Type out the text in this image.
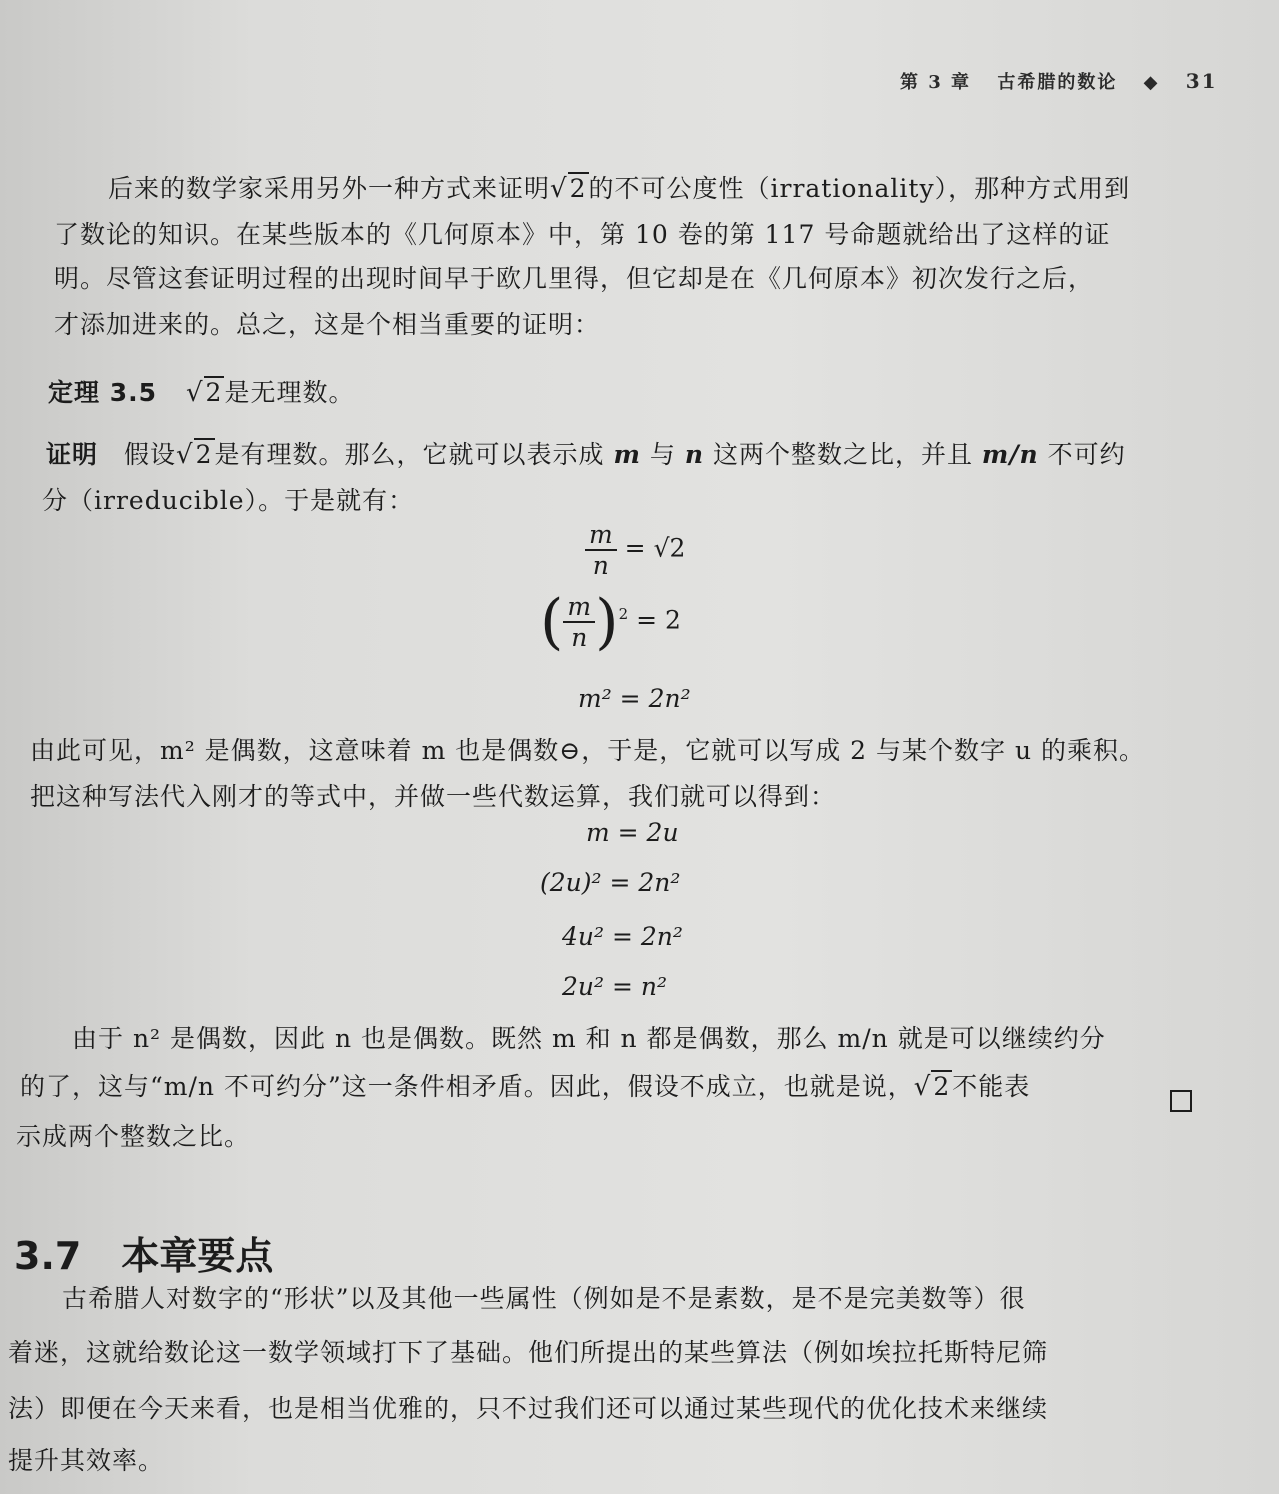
第 3 章 古希腊的数论 ◆ 31

后来的数学家采用另外一种方式来证明√2的不可公度性（irrationality），那种方式用到

了数论的知识。在某些版本的《几何原本》中，第 10 卷的第 117 号命题就给出了这样的证

明。尽管这套证明过程的出现时间早于欧几里得，但它却是在《几何原本》初次发行之后，

才添加进来的。总之，这是个相当重要的证明：

定理 3.5 √2是无理数。

证明 假设√2是有理数。那么，它就可以表示成 m 与 n 这两个整数之比，并且 m/n 不可约

分（irreducible）。于是就有：

$\frac{m}{n} = √2$
( $\frac{m}{n} )^2 = 2$
m² = 2n²

由此可见，m² 是偶数，这意味着 m 也是偶数⊖，于是，它就可以写成 2 与某个数字 u 的乘积。

把这种写法代入刚才的等式中，并做一些代数运算，我们就可以得到：

m = 2u
(2u)² = 2n²
4u² = 2n²
2u² = n²

由于 n² 是偶数，因此 n 也是偶数。既然 m 和 n 都是偶数，那么 m/n 就是可以继续约分

的了，这与“m/n 不可约分”这一条件相矛盾。因此，假设不成立，也就是说，√2不能表

示成两个整数之比。

3.7 本章要点

古希腊人对数字的“形状”以及其他一些属性（例如是不是素数，是不是完美数等）很

着迷，这就给数论这一数学领域打下了基础。他们所提出的某些算法（例如埃拉托斯特尼筛

法）即便在今天来看，也是相当优雅的，只不过我们还可以通过某些现代的优化技术来继续

提升其效率。
